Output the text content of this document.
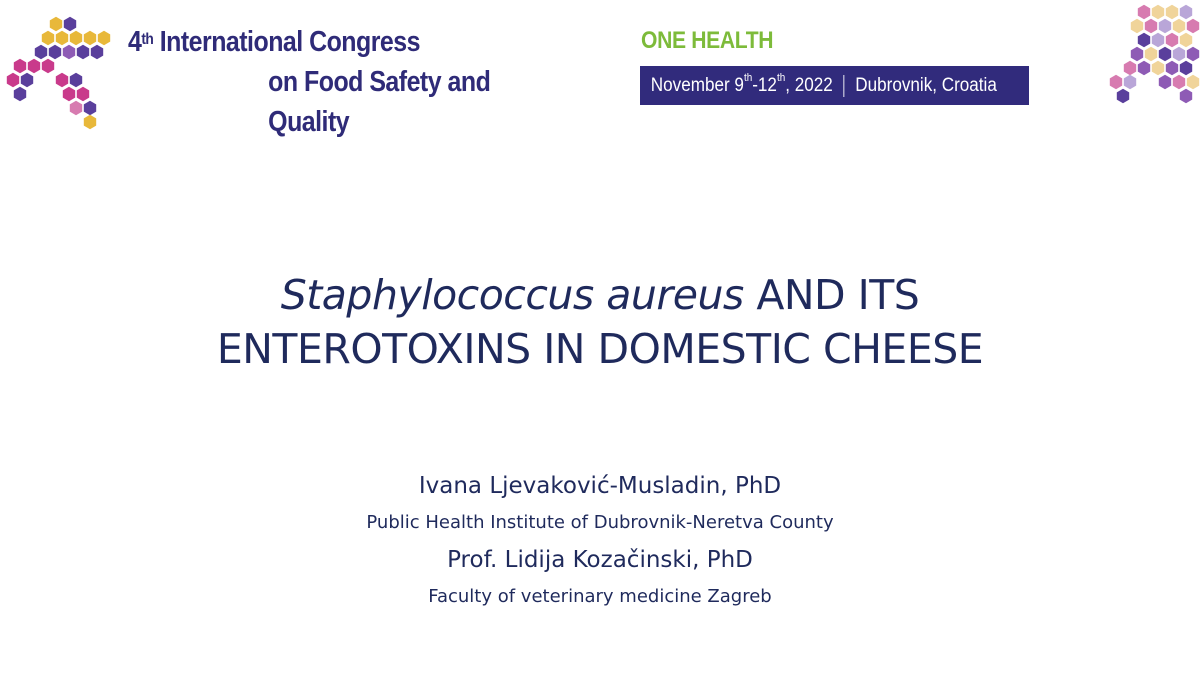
4th International Congress
on Food Safety and Quality
ONE HEALTH
November 9th-12th, 2022 Dubrovnik, Croatia
Staphylococcus aureus AND ITS
ENTEROTOXINS IN DOMESTIC CHEESE
Ivana Ljevaković-Musladin, PhD
Public Health Institute of Dubrovnik-Neretva County
Prof. Lidija Kozačinski, PhD
Faculty of veterinary medicine Zagreb
